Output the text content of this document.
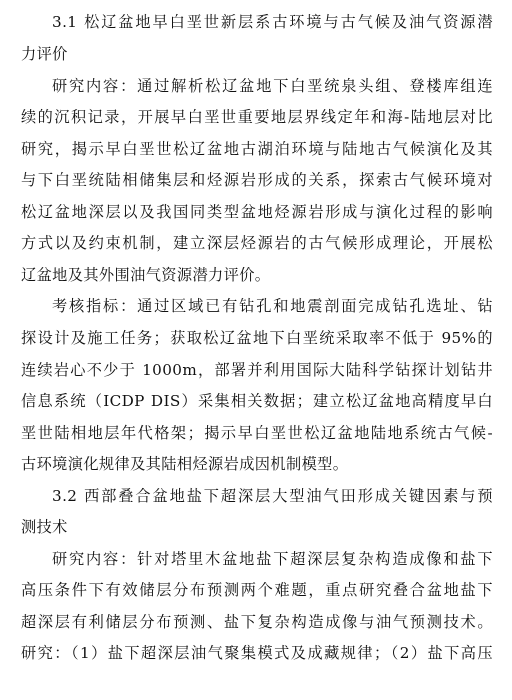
3.1 松辽盆地早白垩世新层系古环境与古气候及油气资源潜
力评价
研究内容：通过解析松辽盆地下白垩统泉头组、登楼库组连
续的沉积记录，开展早白垩世重要地层界线定年和海-陆地层对比
研究，揭示早白垩世松辽盆地古湖泊环境与陆地古气候演化及其
与下白垩统陆相储集层和烃源岩形成的关系，探索古气候环境对
松辽盆地深层以及我国同类型盆地烃源岩形成与演化过程的影响
方式以及约束机制，建立深层烃源岩的古气候形成理论，开展松
辽盆地及其外围油气资源潜力评价。
考核指标：通过区域已有钻孔和地震剖面完成钻孔选址、钻
探设计及施工任务；获取松辽盆地下白垩统采取率不低于 95%的
连续岩心不少于 1000m，部署并利用国际大陆科学钻探计划钻井
信息系统（ICDP DIS）采集相关数据；建立松辽盆地高精度早白
垩世陆相地层年代格架；揭示早白垩世松辽盆地陆地系统古气候-
古环境演化规律及其陆相烃源岩成因机制模型。
3.2 西部叠合盆地盐下超深层大型油气田形成关键因素与预
测技术
研究内容：针对塔里木盆地盐下超深层复杂构造成像和盐下
高压条件下有效储层分布预测两个难题，重点研究叠合盆地盐下
超深层有利储层分布预测、盐下复杂构造成像与油气预测技术。
研究：（1）盐下超深层油气聚集模式及成藏规律；（2）盐下高压
